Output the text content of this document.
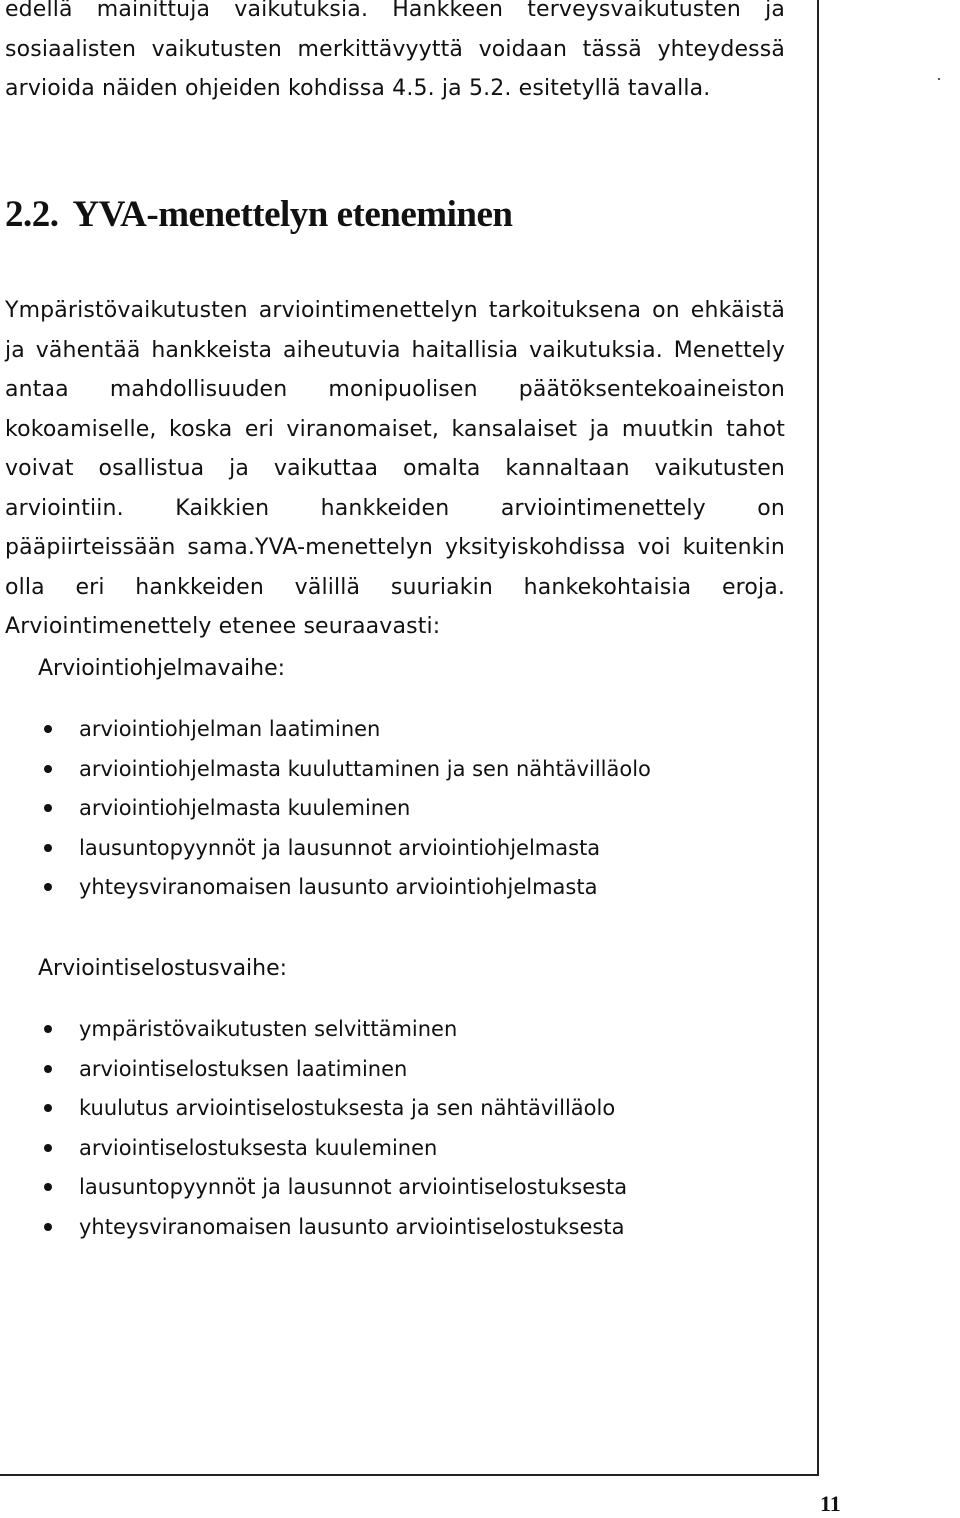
edellä mainittuja vaikutuksia. Hankkeen terveysvaikutusten ja sosiaalisten vaikutusten merkittävyyttä voidaan tässä yhteydessä arvioida näiden ohjeiden kohdissa 4.5. ja 5.2. esitetyllä tavalla.

2.2. YVA-menettelyn eteneminen

Ympäristövaikutusten arviointimenettelyn tarkoituksena on ehkäistä ja vähentää hankkeista aiheutuvia haitallisia vaikutuksia. Menettely antaa mahdollisuuden monipuolisen päätöksentekoaineiston kokoamiselle, koska eri viranomaiset, kansalaiset ja muutkin tahot voivat osallistua ja vaikuttaa omalta kannaltaan vaikutusten arviointiin. Kaikkien hankkeiden arviointimenettely on pääpiirteissään sama.YVA-menettelyn yksityiskohdissa voi kuitenkin olla eri hankkeiden välillä suuriakin hankekohtaisia eroja. Arviointimenettely etenee seuraavasti:

Arviointiohjelmavaihe:

arviointiohjelman laatiminen
arviointiohjelmasta kuuluttaminen ja sen nähtävilläolo
arviointiohjelmasta kuuleminen
lausuntopyynnöt ja lausunnot arviointiohjelmasta
yhteysviranomaisen lausunto arviointiohjelmasta

Arviointiselostusvaihe:

ympäristövaikutusten selvittäminen
arviointiselostuksen laatiminen
kuulutus arviointiselostuksesta ja sen nähtävilläolo
arviointiselostuksesta kuuleminen
lausuntopyynnöt ja lausunnot arviointiselostuksesta
yhteysviranomaisen lausunto arviointiselostuksesta

11
